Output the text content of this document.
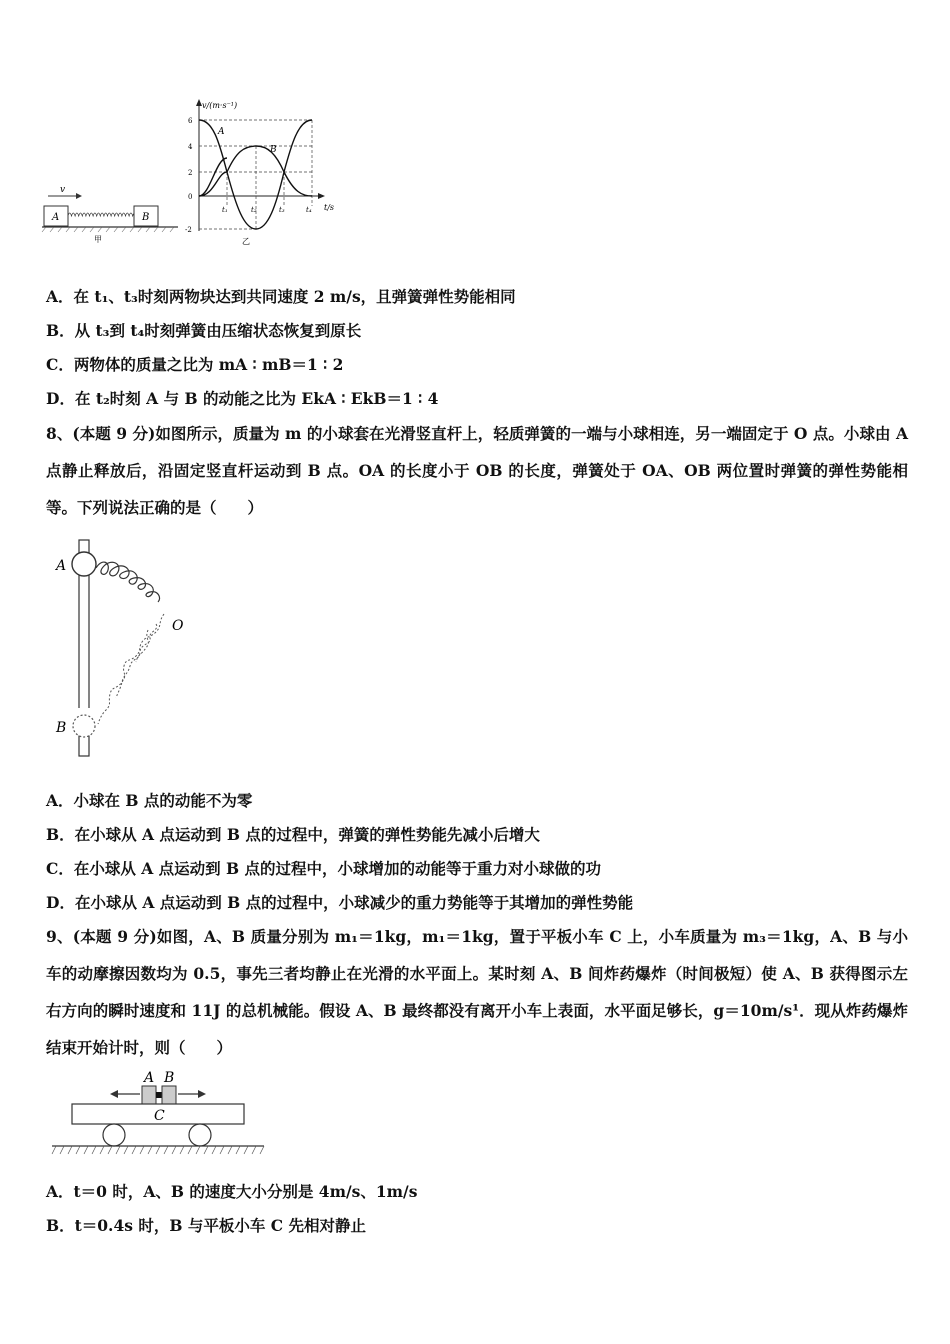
v
A	B
甲
v/(m·s⁻¹)
t/s
6
4
2
0
-2
t₁	t₂	t₃	t₄
A
B
乙
A．在 t₁、t₃时刻两物块达到共同速度 2 m/s，且弹簧弹性势能相同
B．从 t₃到 t₄时刻弹簧由压缩状态恢复到原长
C．两物体的质量之比为 mA ∶ mB＝1 ∶ 2
D．在 t₂时刻 A 与 B 的动能之比为 EkA ∶ EkB＝1 ∶ 4
8、(本题 9 分)如图所示，质量为 m 的小球套在光滑竖直杆上，轻质弹簧的一端与小球相连，另一端固定于 O 点。小球由 A 点静止释放后，沿固定竖直杆运动到 B 点。OA 的长度小于 OB 的长度，弹簧处于 OA、OB 两位置时弹簧的弹性势能相等。下列说法正确的是（　　）
A
O
B
A．小球在 B 点的动能不为零
B．在小球从 A 点运动到 B 点的过程中，弹簧的弹性势能先减小后增大
C．在小球从 A 点运动到 B 点的过程中，小球增加的动能等于重力对小球做的功
D．在小球从 A 点运动到 B 点的过程中，小球减少的重力势能等于其增加的弹性势能
9、(本题 9 分)如图，A、B 质量分别为 m₁＝1kg，m₁＝1kg，置于平板小车 C 上，小车质量为 m₃＝1kg，A、B 与小车的动摩擦因数均为 0.5，事先三者均静止在光滑的水平面上。某时刻 A、B 间炸药爆炸（时间极短）使 A、B 获得图示左右方向的瞬时速度和 11J 的总机械能。假设 A、B 最终都没有离开小车上表面，水平面足够长，g＝10m/s¹．现从炸药爆炸结束开始计时，则（　　）
A B
C
A．t＝0 时，A、B 的速度大小分别是 4m/s、1m/s
B．t＝0.4s 时，B 与平板小车 C 先相对静止
